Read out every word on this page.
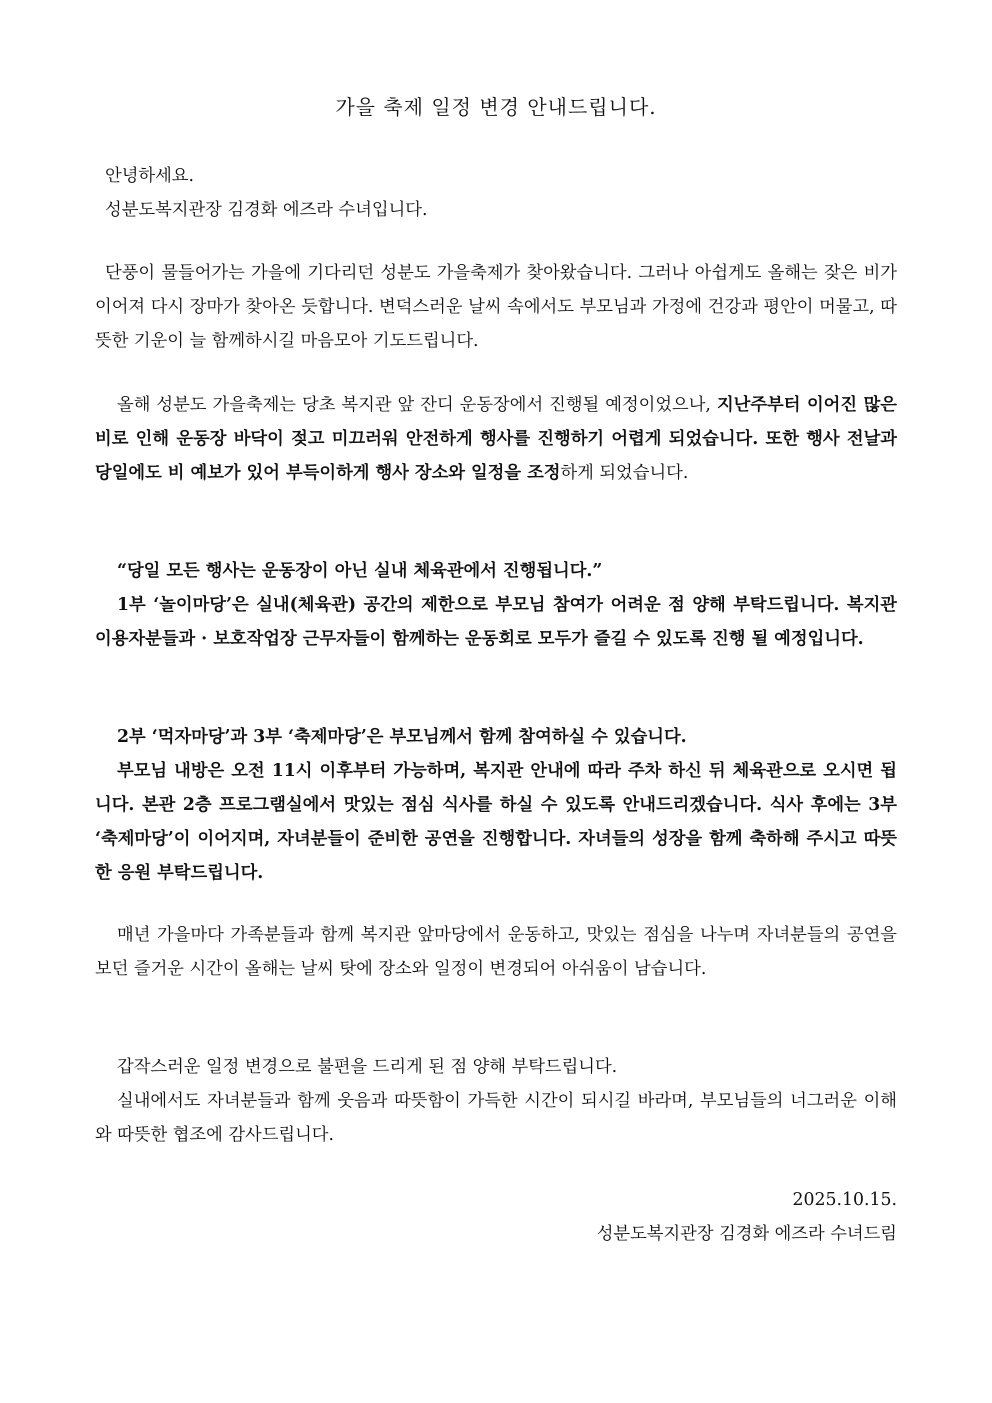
가을 축제 일정 변경 안내드립니다.

안녕하세요.

성분도복지관장 김경화 에즈라 수녀입니다.

단풍이 물들어가는 가을에 기다리던 성분도 가을축제가 찾아왔습니다. 그러나 아쉽게도 올해는 잦은 비가 이어져 다시 장마가 찾아온 듯합니다. 변덕스러운 날씨 속에서도 부모님과 가정에 건강과 평안이 머물고, 따뜻한 기운이 늘 함께하시길 마음모아 기도드립니다.

올해 성분도 가을축제는 당초 복지관 앞 잔디 운동장에서 진행될 예정이었으나, 지난주부터 이어진 많은 비로 인해 운동장 바닥이 젖고 미끄러워 안전하게 행사를 진행하기 어렵게 되었습니다. 또한 행사 전날과 당일에도 비 예보가 있어 부득이하게 행사 장소와 일정을 조정하게 되었습니다.

“당일 모든 행사는 운동장이 아닌 실내 체육관에서 진행됩니다.”

1부 ‘놀이마당’은 실내(체육관) 공간의 제한으로 부모님 참여가 어려운 점 양해 부탁드립니다. 복지관 이용자분들과 · 보호작업장 근무자들이 함께하는 운동회로 모두가 즐길 수 있도록 진행 될 예정입니다.

2부 ‘먹자마당’과 3부 ‘축제마당’은 부모님께서 함께 참여하실 수 있습니다.

부모님 내방은 오전 11시 이후부터 가능하며, 복지관 안내에 따라 주차 하신 뒤 체육관으로 오시면 됩니다. 본관 2층 프로그램실에서 맛있는 점심 식사를 하실 수 있도록 안내드리겠습니다. 식사 후에는 3부 ‘축제마당’이 이어지며, 자녀분들이 준비한 공연을 진행합니다. 자녀들의 성장을 함께 축하해 주시고 따뜻한 응원 부탁드립니다.

매년 가을마다 가족분들과 함께 복지관 앞마당에서 운동하고, 맛있는 점심을 나누며 자녀분들의 공연을 보던 즐거운 시간이 올해는 날씨 탓에 장소와 일정이 변경되어 아쉬움이 남습니다.

갑작스러운 일정 변경으로 불편을 드리게 된 점 양해 부탁드립니다.

실내에서도 자녀분들과 함께 웃음과 따뜻함이 가득한 시간이 되시길 바라며, 부모님들의 너그러운 이해와 따뜻한 협조에 감사드립니다.

2025.10.15.
성분도복지관장 김경화 에즈라 수녀드림
